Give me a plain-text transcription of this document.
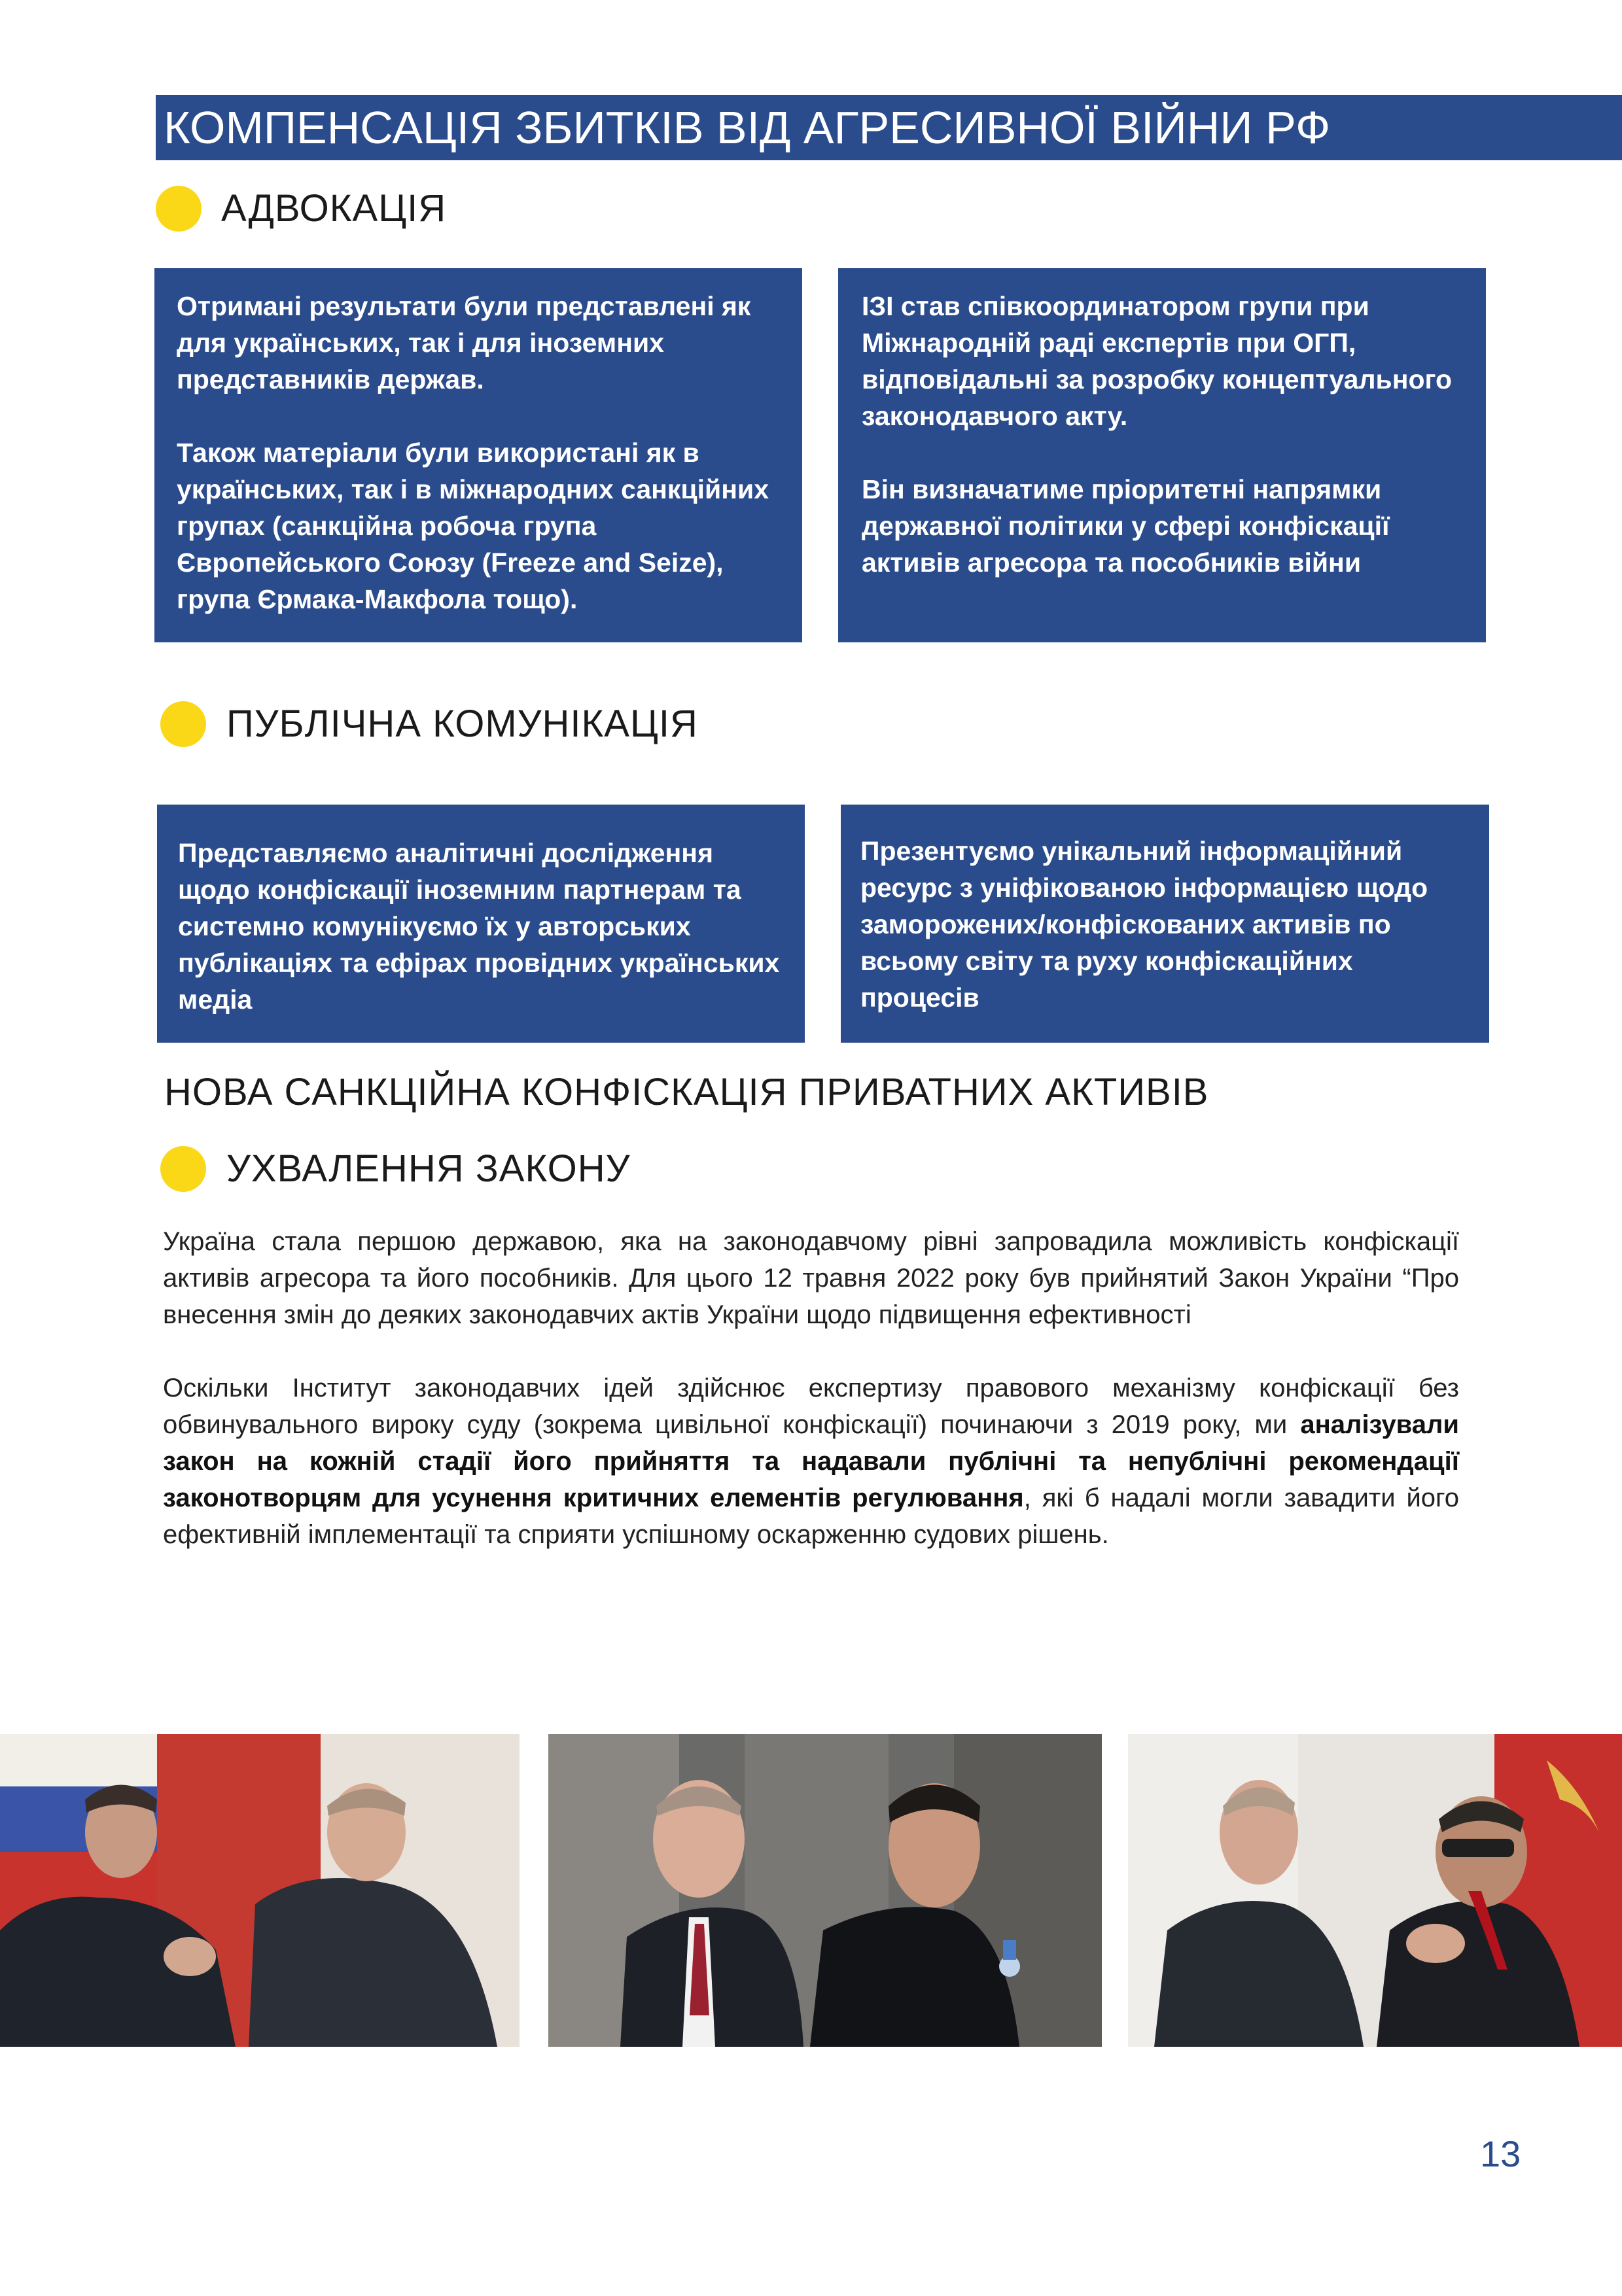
КОМПЕНСАЦІЯ ЗБИТКІВ ВІД АГРЕСИВНОЇ ВІЙНИ РФ
АДВОКАЦІЯ

Отримані результати були представлені як для українських, так і для іноземних представників держав.

Також матеріали були використані як в українських, так і в міжнародних санкційних групах (санкційна робоча група Європейського Союзу (Freeze and Seize), група Єрмака-Макфола тощо).

ІЗІ став співкоординатором групи при Міжнародній раді експертів при ОГП, відповідальні за розробку концептуального законодавчого акту.

Він визначатиме пріоритетні напрямки державної політики у сфері конфіскації активів агресора та пособників війни

ПУБЛІЧНА КОМУНІКАЦІЯ

Представляємо аналітичні дослідження щодо конфіскації іноземним партнерам та системно комунікуємо їх у авторських публікаціях та ефірах провідних українських медіа

Презентуємо унікальний інформаційний ресурс з уніфікованою інформацією щодо заморожених/конфіскованих активів по всьому світу та руху конфіскаційних процесів

НОВА САНКЦІЙНА КОНФІСКАЦІЯ ПРИВАТНИХ АКТИВІВ
УХВАЛЕННЯ ЗАКОНУ

Україна стала першою державою, яка на законодавчому рівні запровадила можливість конфіскації активів агресора та його пособників. Для цього 12 травня 2022 року був прийнятий Закон України “Про внесення змін до деяких законодавчих актів України щодо підвищення ефективності

Оскільки Інститут законодавчих ідей здійснює експертизу правового механізму конфіскації без обвинувального вироку суду (зокрема цивільної конфіскації) починаючи з 2019 року, ми аналізували закон на кожній стадії його прийняття та надавали публічні та непублічні рекомендації законотворцям для усунення критичних елементів регулювання, які б надалі могли завадити його ефективній імплементації та сприяти успішному оскарженню судових рішень.

13
